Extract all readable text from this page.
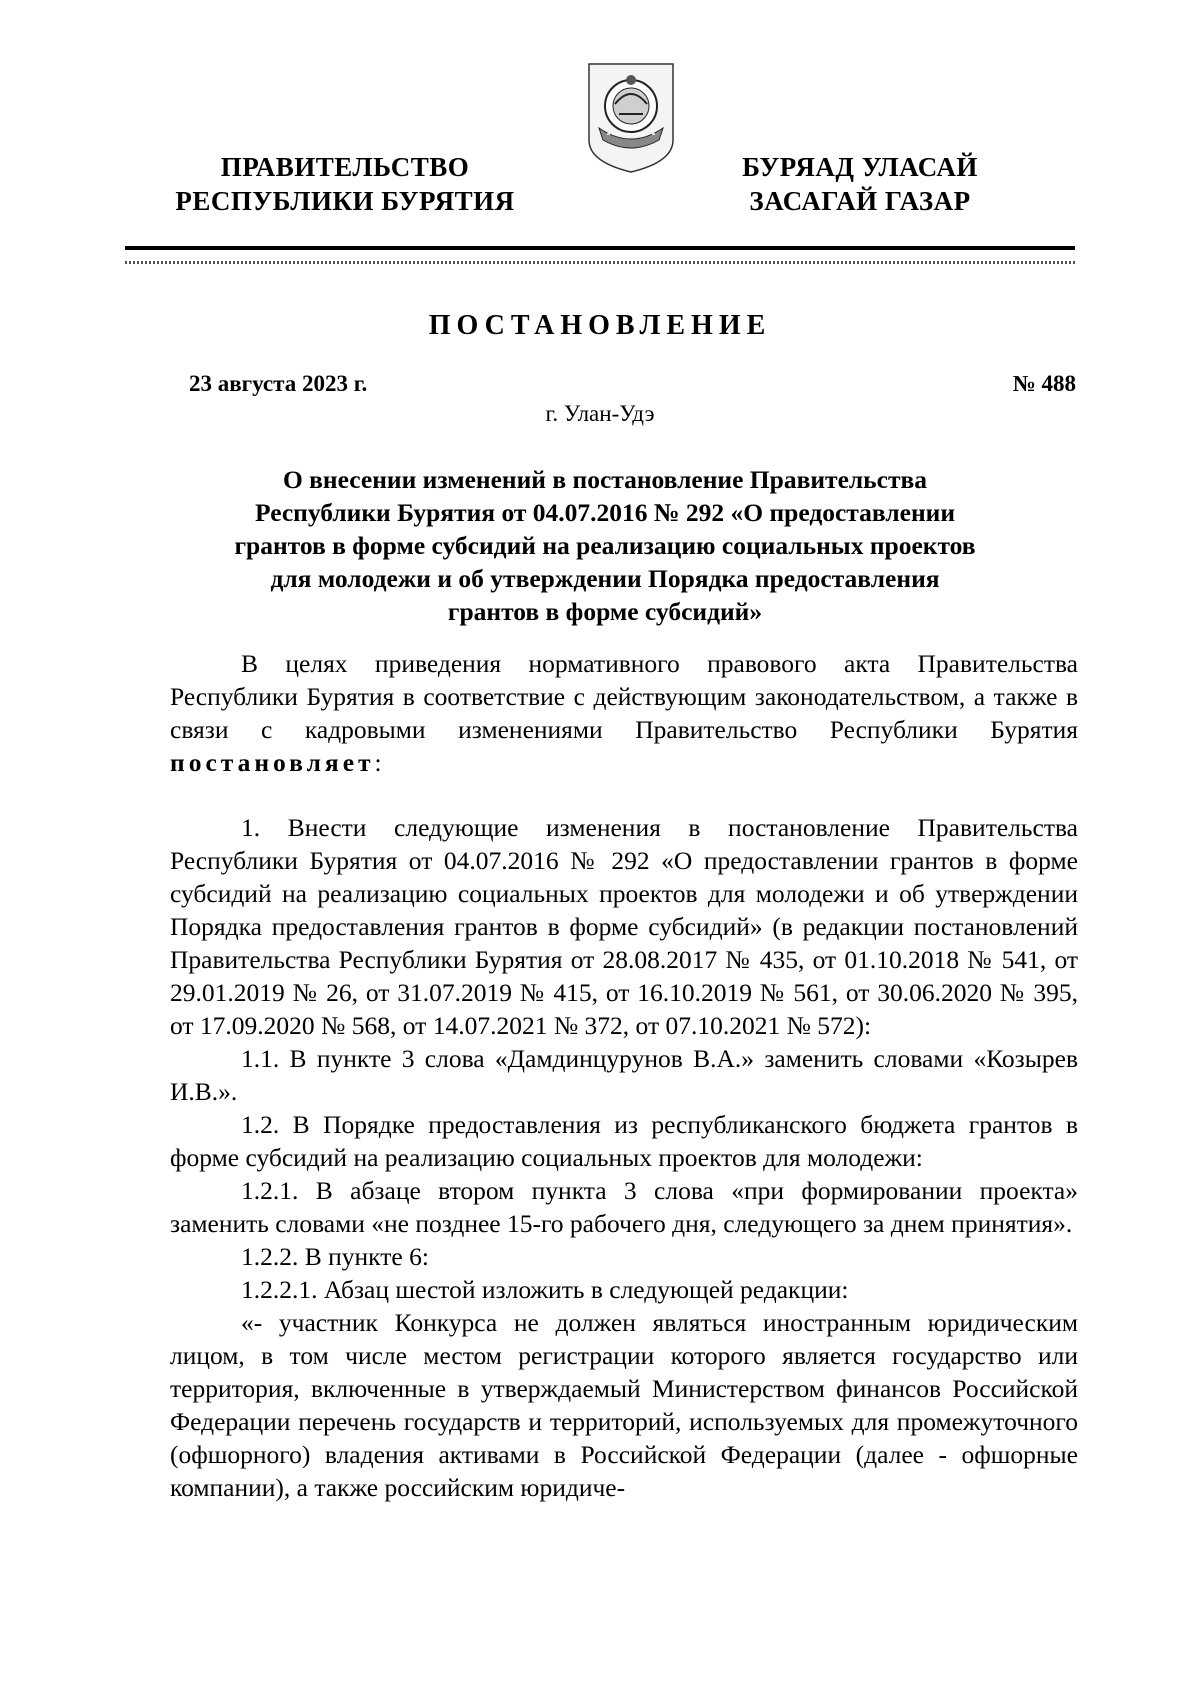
ПРАВИТЕЛЬСТВО
РЕСПУБЛИКИ БУРЯТИЯ
БУРЯАД УЛАСАЙ
ЗАСАГАЙ ГАЗАР
ПОСТАНОВЛЕНИЕ
23 августа 2023 г.	№ 488
г. Улан-Удэ
О внесении изменений в постановление Правительства
Республики Бурятия от 04.07.2016 № 292 «О предоставлении
грантов в форме субсидий на реализацию социальных проектов
для молодежи и об утверждении Порядка предоставления
грантов в форме субсидий»

В целях приведения нормативного правового акта Правительства Республики Бурятия в соответствие с действующим законодательством, а также в связи с кадровыми изменениями Правительство Республики Бурятия постановляет:

1. Внести следующие изменения в постановление Правительства Республики Бурятия от 04.07.2016 № 292 «О предоставлении грантов в форме субсидий на реализацию социальных проектов для молодежи и об утверждении Порядка предоставления грантов в форме субсидий» (в редакции постановлений Правительства Республики Бурятия от 28.08.2017 № 435, от 01.10.2018 № 541, от 29.01.2019 № 26, от 31.07.2019 № 415, от 16.10.2019 № 561, от 30.06.2020 № 395, от 17.09.2020 № 568, от 14.07.2021 № 372, от 07.10.2021 № 572):

1.1. В пункте 3 слова «Дамдинцурунов В.А.» заменить словами «Козырев И.В.».

1.2. В Порядке предоставления из республиканского бюджета грантов в форме субсидий на реализацию социальных проектов для молодежи:

1.2.1. В абзаце втором пункта 3 слова «при формировании проекта» заменить словами «не позднее 15-го рабочего дня, следующего за днем принятия».

1.2.2. В пункте 6:

1.2.2.1. Абзац шестой изложить в следующей редакции:

«- участник Конкурса не должен являться иностранным юридическим лицом, в том числе местом регистрации которого является государство или территория, включенные в утверждаемый Министерством финансов Российской Федерации перечень государств и территорий, используемых для промежуточного (офшорного) владения активами в Российской Федерации (далее - офшорные компании), а также российским юридиче-
